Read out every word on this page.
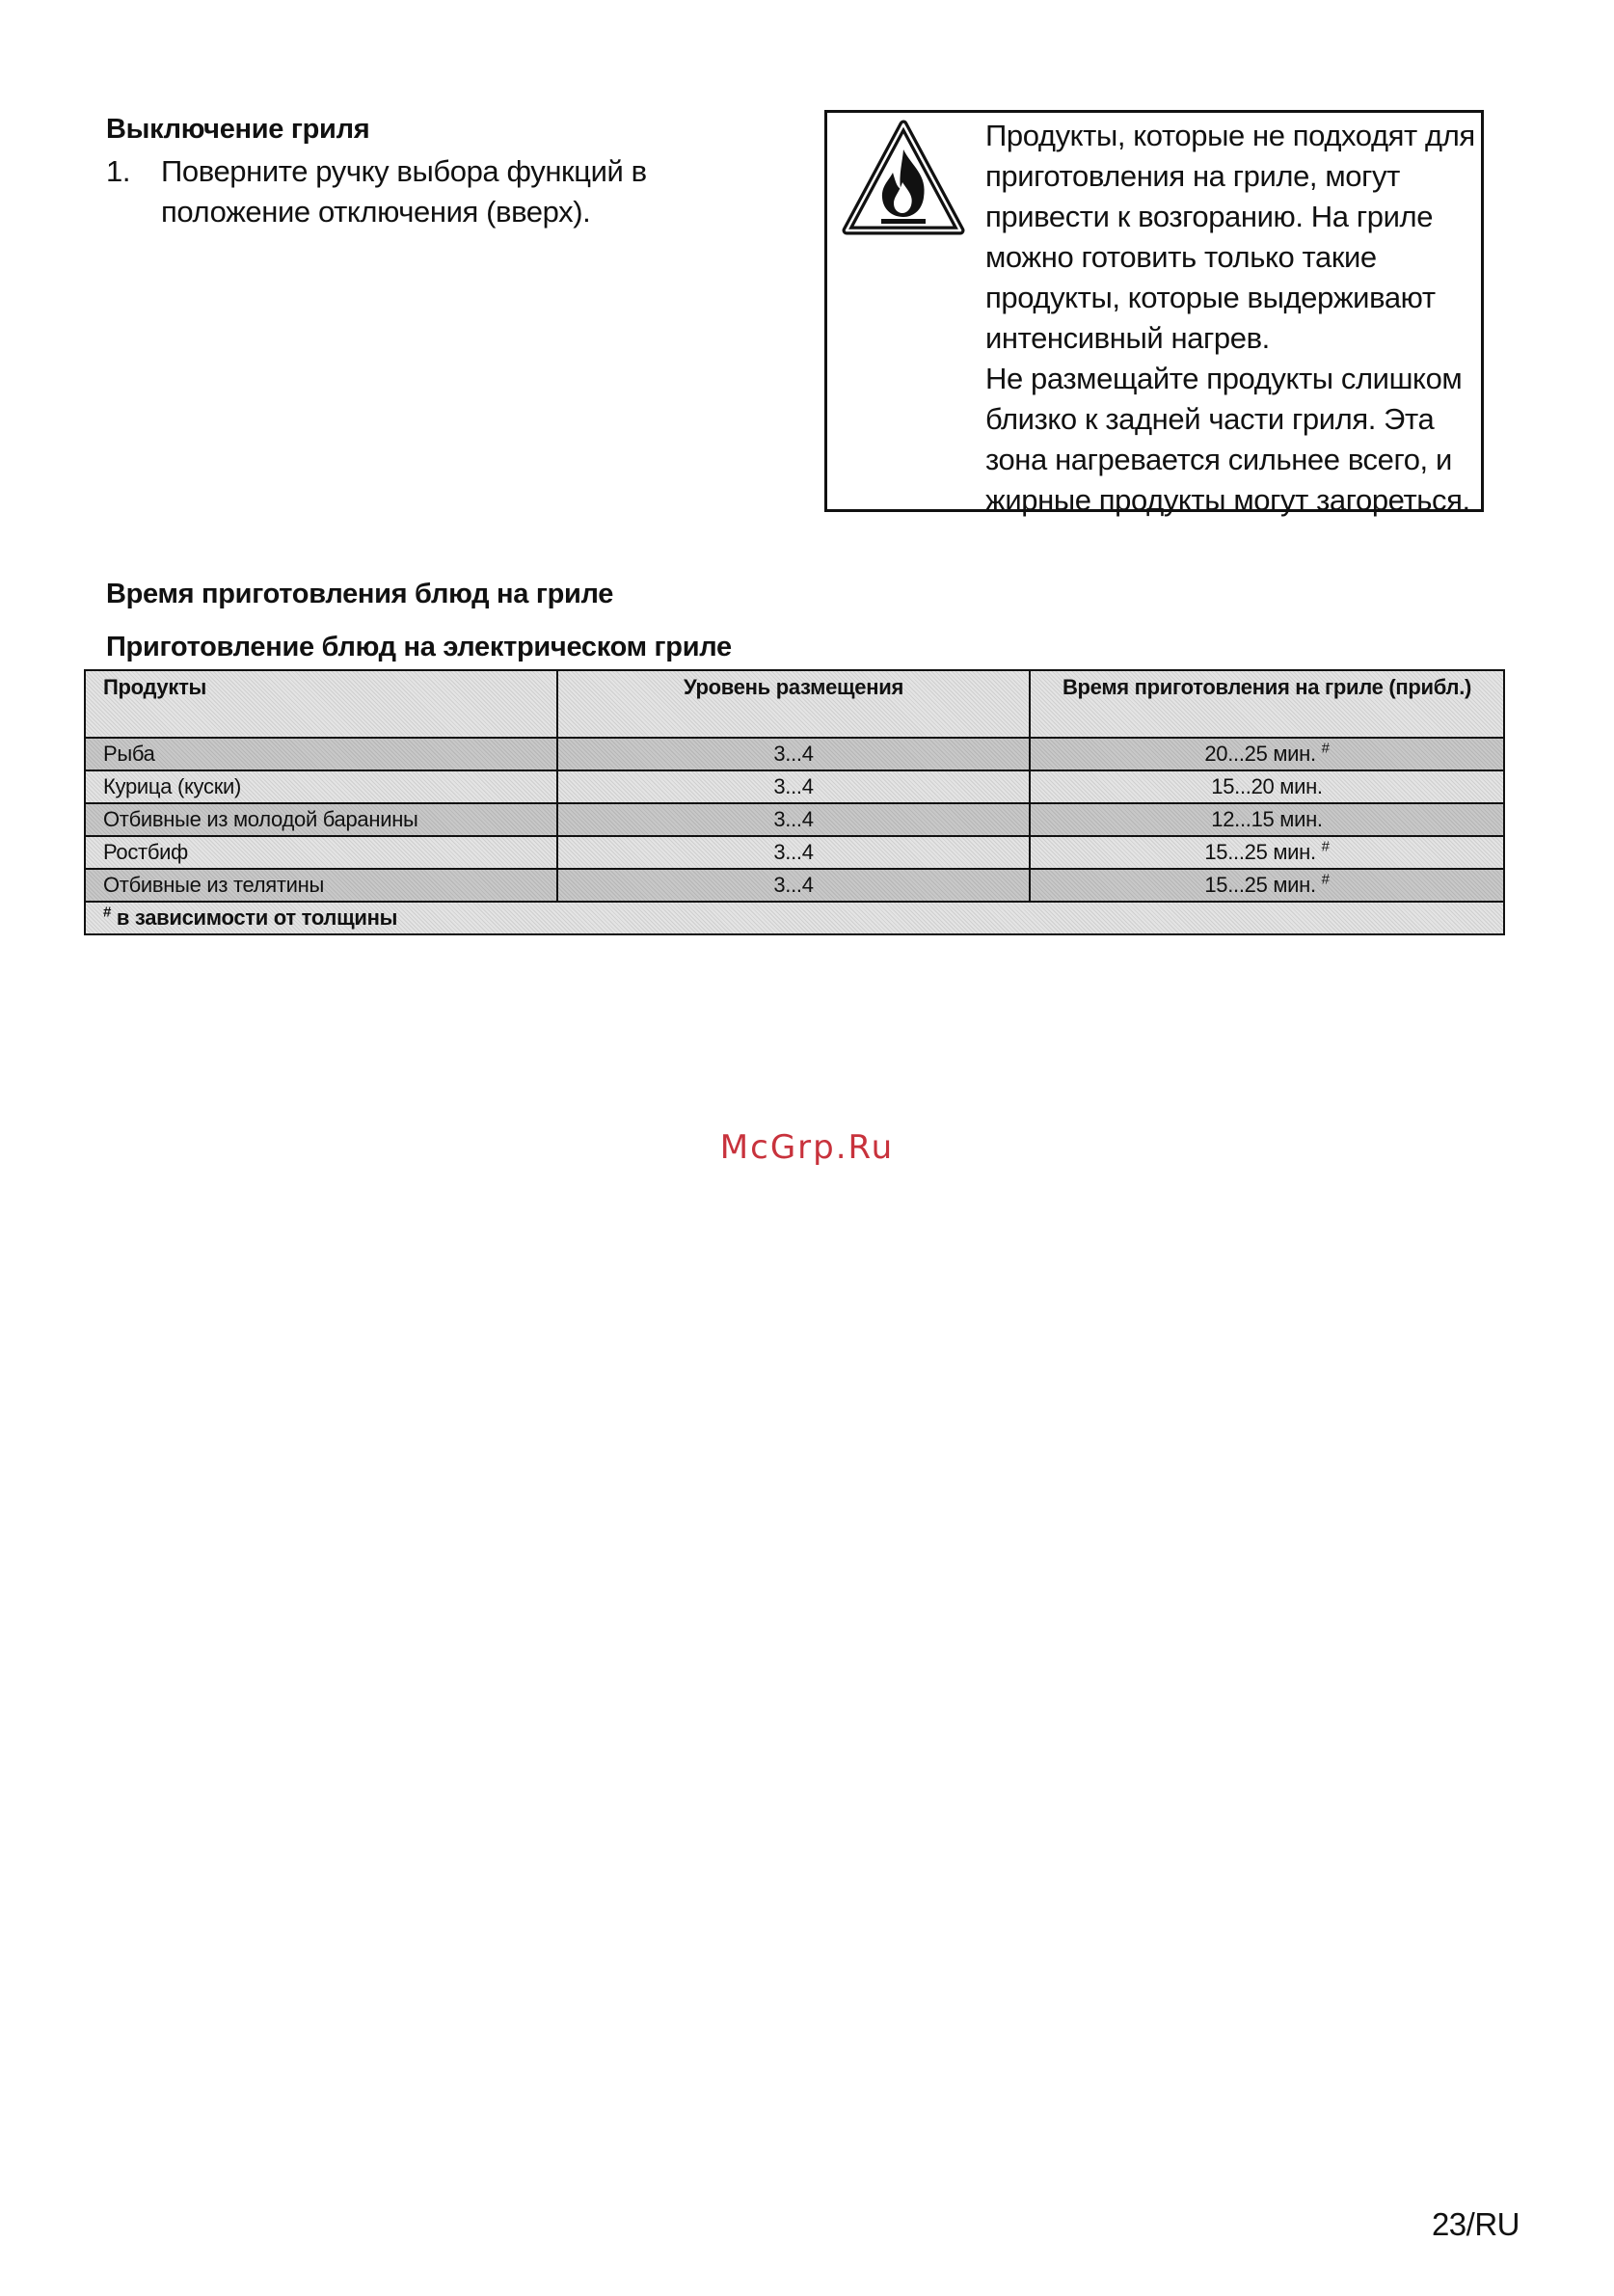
Выключение гриля
1. Поверните ручку выбора функций в положение отключения (вверх).
Продукты, которые не подходят для приготовления на гриле, могут привести к возгоранию. На гриле можно готовить только такие продукты, которые выдерживают интенсивный нагрев.
Не размещайте продукты слишком близко к задней части гриля. Эта зона нагревается сильнее всего, и жирные продукты могут загореться.
Время приготовления блюд на гриле
Приготовление блюд на электрическом гриле
Продукты	Уровень размещения	Время приготовления на гриле (прибл.)
Рыба	3...4	20...25 мин. #
Курица (куски)	3...4	15...20 мин.
Отбивные из молодой баранины	3...4	12...15 мин.
Ростбиф	3...4	15...25 мин. #
Отбивные из телятины	3...4	15...25 мин. #
# в зависимости от толщины		
McGrp.Ru
23/RU
